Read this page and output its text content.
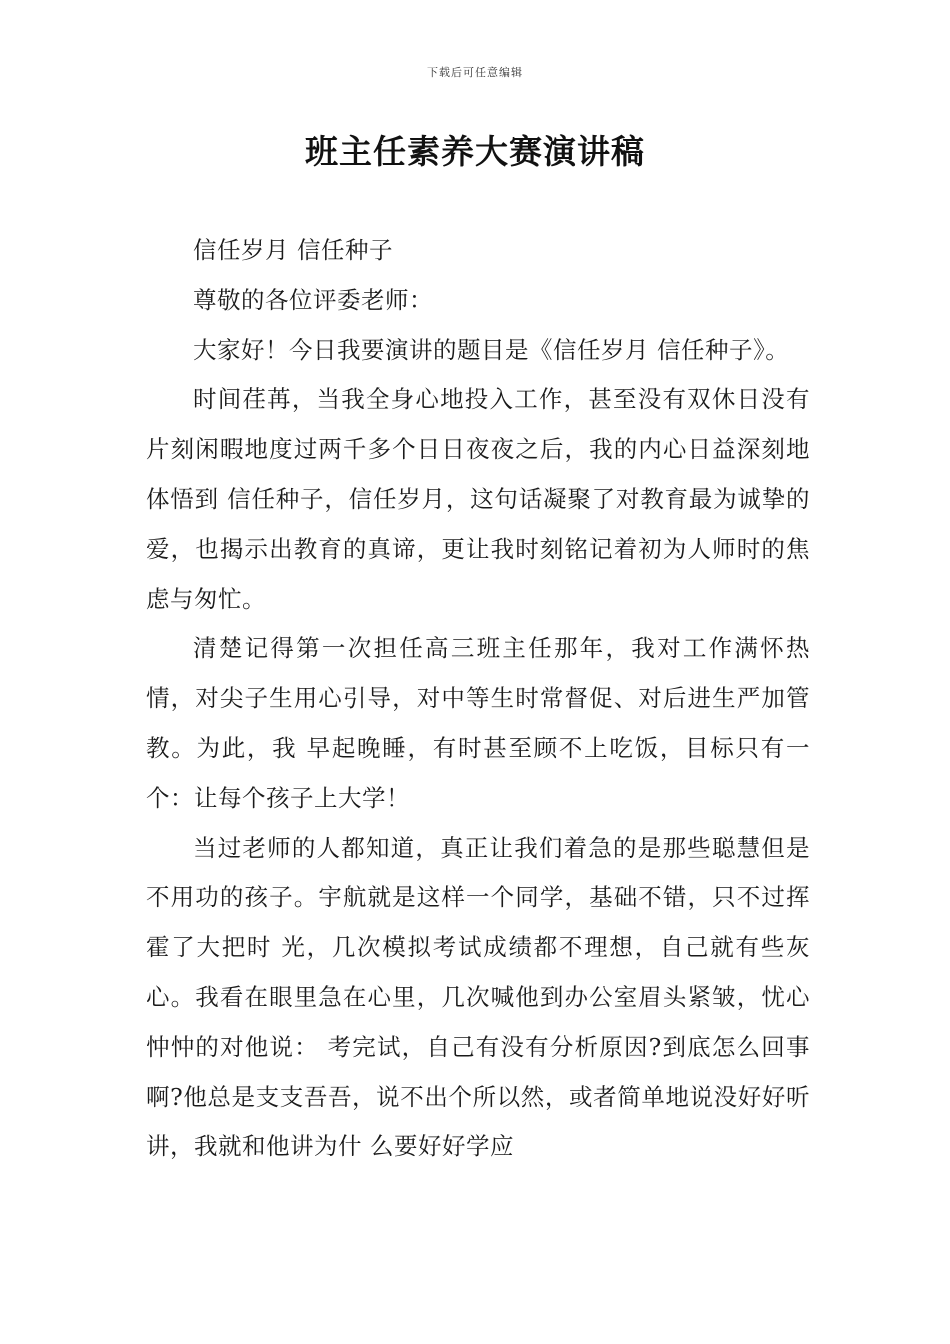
下载后可任意编辑
班主任素养大赛演讲稿

信任岁月 信任种子

尊敬的各位评委老师：

大家好！今日我要演讲的题目是《信任岁月 信任种子》。

时间荏苒，当我全身心地投入工作，甚至没有双休日没有片刻闲暇地度过两千多个日日夜夜之后，我的内心日益深刻地体悟到 信任种子，信任岁月，这句话凝聚了对教育最为诚挚的爱，也揭示出教育的真谛，更让我时刻铭记着初为人师时的焦虑与匆忙。

清楚记得第一次担任高三班主任那年，我对工作满怀热情，对尖子生用心引导，对中等生时常督促、对后进生严加管教。为此，我 早起晚睡，有时甚至顾不上吃饭，目标只有一个：让每个孩子上大学！

当过老师的人都知道，真正让我们着急的是那些聪慧但是不用功的孩子。宇航就是这样一个同学，基础不错，只不过挥霍了大把时 光，几次模拟考试成绩都不理想，自己就有些灰心。我看在眼里急在心里，几次喊他到办公室眉头紧皱，忧心忡忡的对他说： 考完试，自己有没有分析原因?到底怎么回事啊?他总是支支吾吾，说不出个所以然，或者简单地说没好好听讲，我就和他讲为什 么要好好学应
